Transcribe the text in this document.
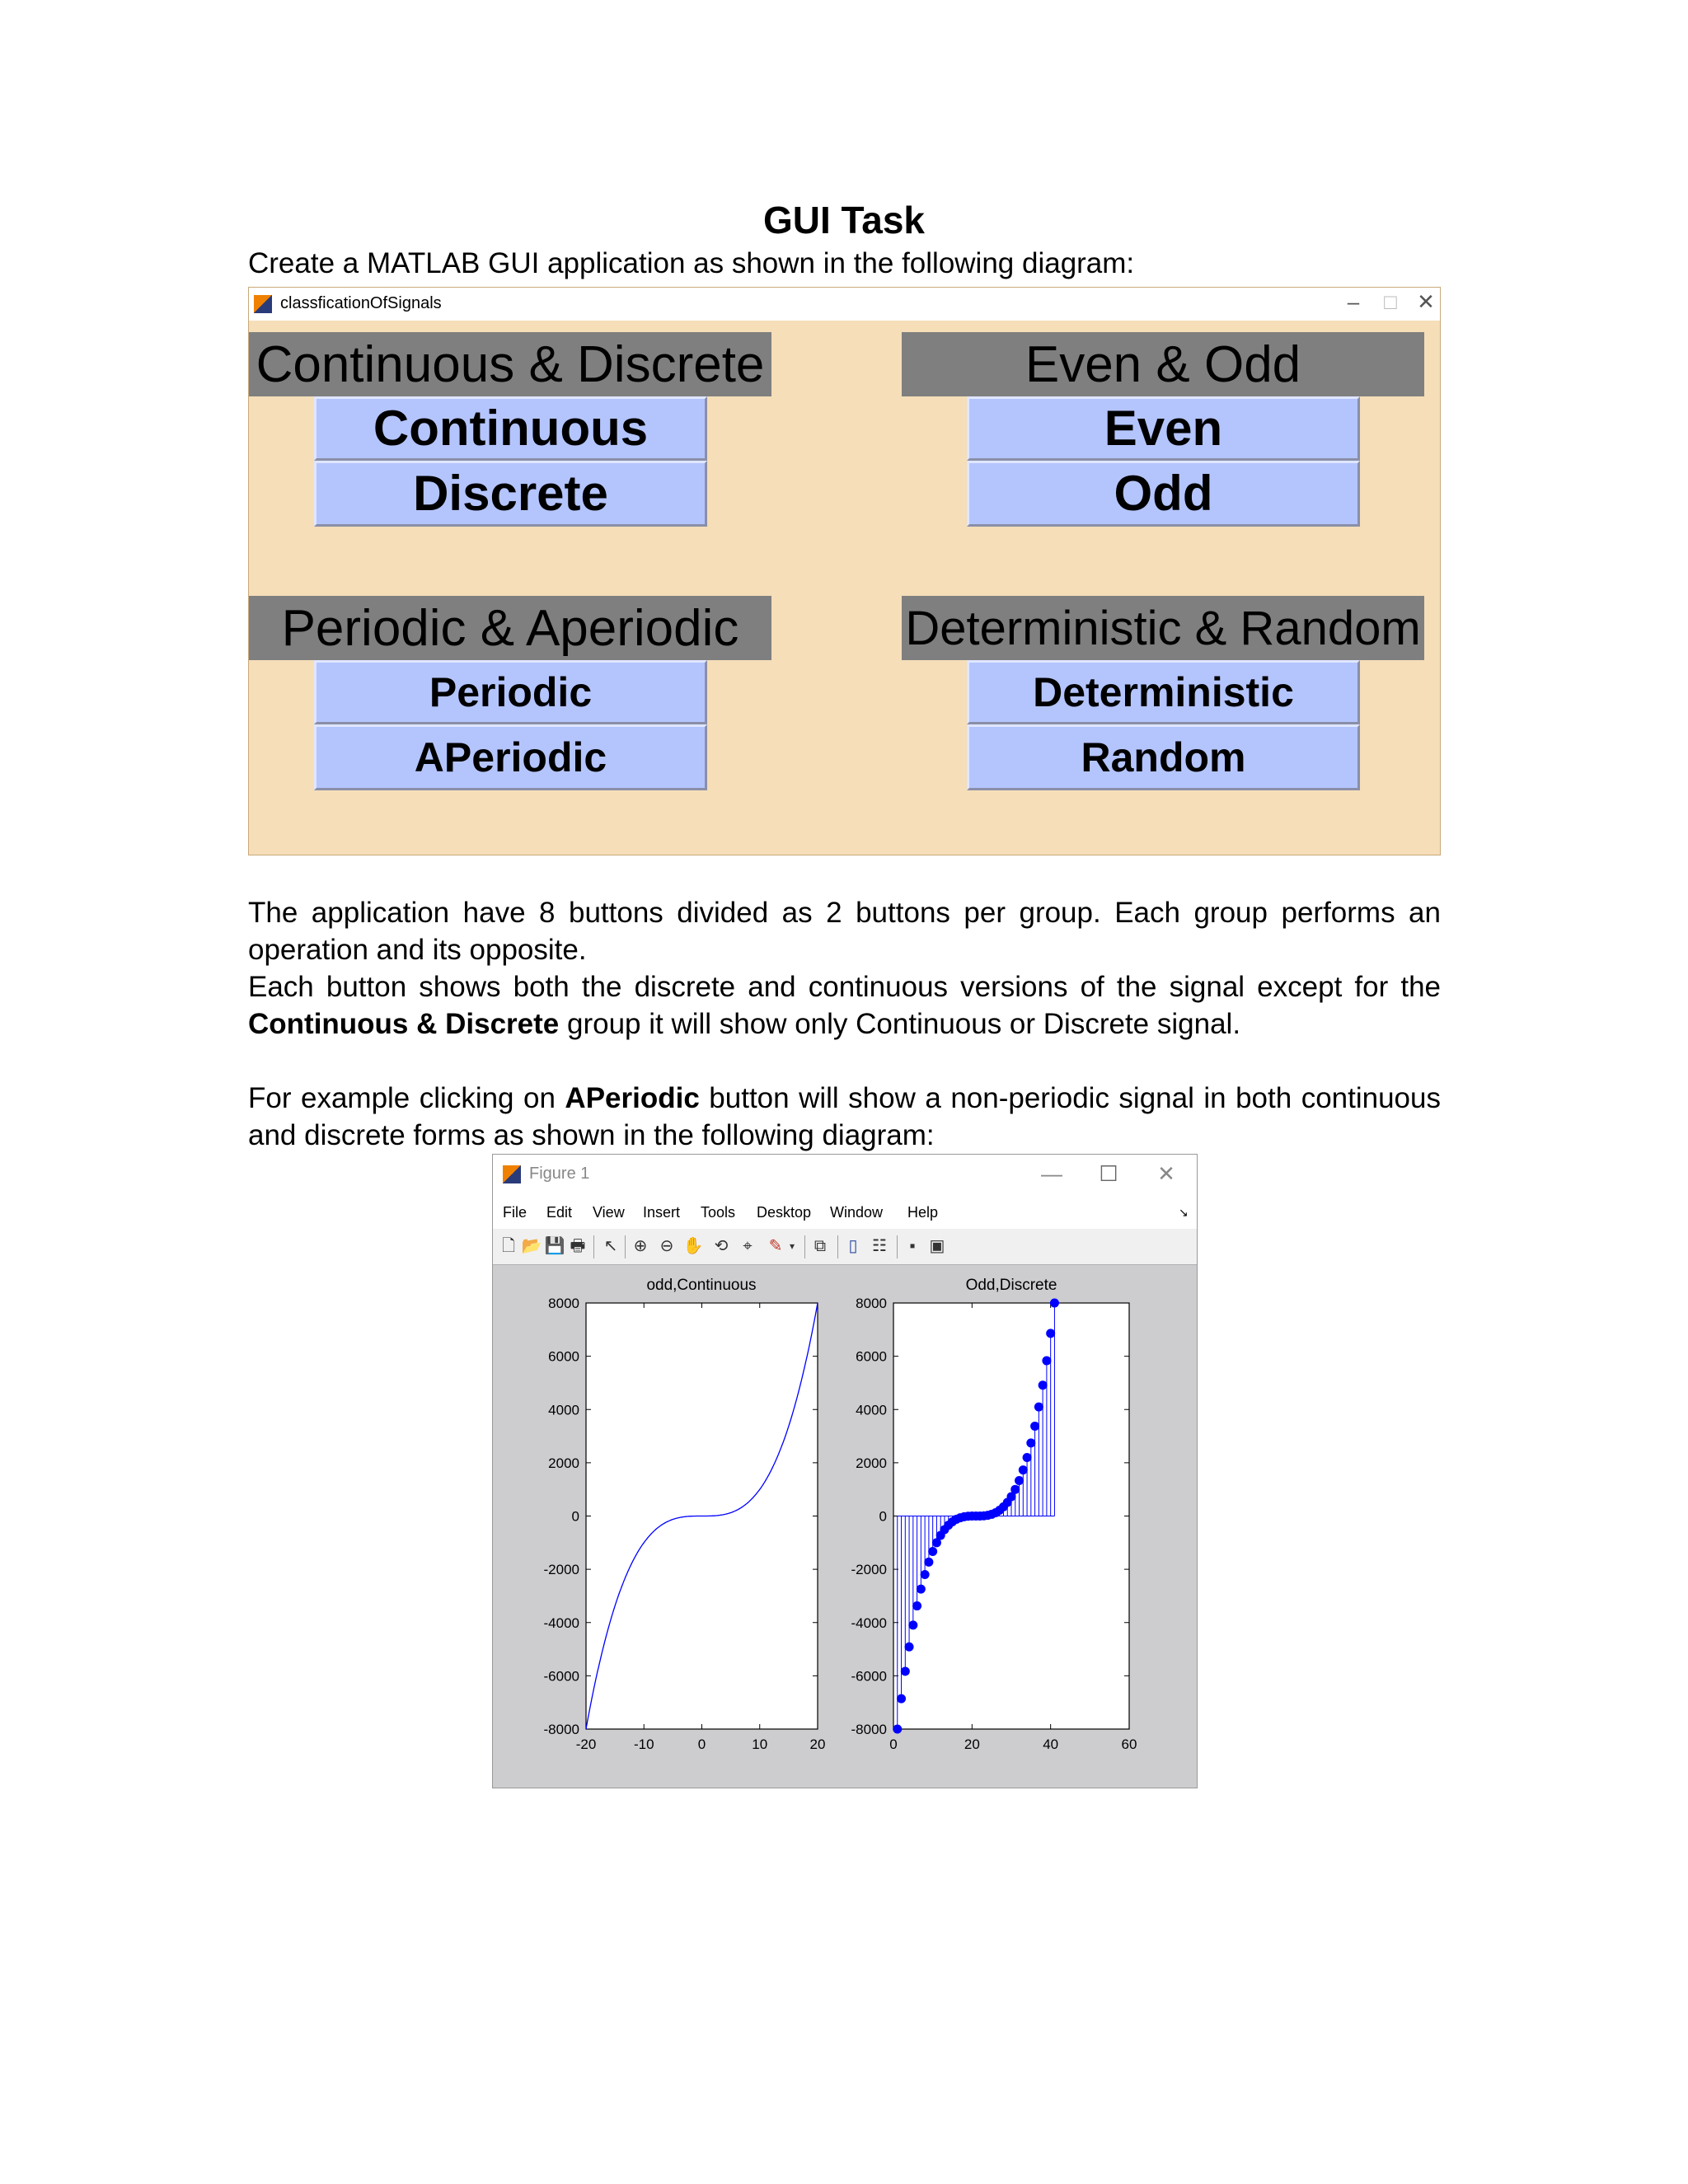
GUI Task
Create a MATLAB GUI application as shown in the following diagram:
classficationOfSignals	–	□ ✕
Continuous & Discrete
Continuous
Discrete
Even & Odd
Even
Odd
Periodic & Aperiodic
Periodic
APeriodic
Deterministic & Random
Deterministic
Random
The application have 8 buttons divided as 2 buttons per group. Each group performs an operation and its opposite.
Each button shows both the discrete and continuous versions of the signal except for the Continuous & Discrete group it will show only Continuous or Discrete signal.
For example clicking on APeriodic button will show a non-periodic signal in both continuous and discrete forms as shown in the following diagram:
Figure 1	—	☐	✕
File Edit View Insert Tools Desktop Window Help	↘
🗋 📂 💾 🖶 ↖ ⊕ ⊖ ✋ ⟲ ⌖ ✎ ▾	⧉	▯ ☷	▪ ▣
odd,Continuous
-8000
-6000
-4000
-2000
0
2000
4000
6000
8000
-20	-10	0	10	20
Odd,Discrete
-8000
-6000
-4000
-2000
0
2000
4000
6000
8000
0	20	40	60
